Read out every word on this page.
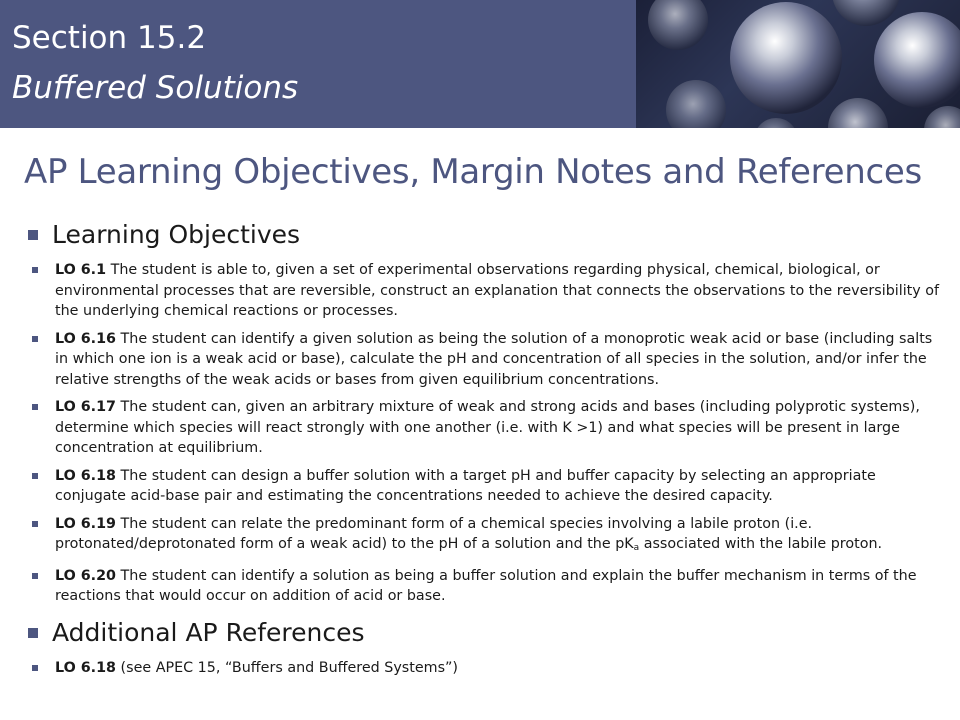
Section 15.2
Buffered Solutions
AP Learning Objectives, Margin Notes and References
Learning Objectives
LO 6.1 The student is able to, given a set of experimental observations regarding physical, chemical, biological, or environmental processes that are reversible, construct an explanation that connects the observations to the reversibility of the underlying chemical reactions or processes.
LO 6.16 The student can identify a given solution as being the solution of a monoprotic weak acid or base (including salts in which one ion is a weak acid or base), calculate the pH and concentration of all species in the solution, and/or infer the relative strengths of the weak acids or bases from given equilibrium concentrations.
LO 6.17 The student can, given an arbitrary mixture of weak and strong acids and bases (including polyprotic systems), determine which species will react strongly with one another (i.e. with K >1) and what species will be present in large concentration at equilibrium.
LO 6.18 The student can design a buffer solution with a target pH and buffer capacity by selecting an appropriate conjugate acid-base pair and estimating the concentrations needed to achieve the desired capacity.
LO 6.19 The student can relate the predominant form of a chemical species involving a labile proton (i.e. protonated/deprotonated form of a weak acid) to the pH of a solution and the $pK_a$ associated with the labile proton.
LO 6.20 The student can identify a solution as being a buffer solution and explain the buffer mechanism in terms of the reactions that would occur on addition of acid or base.
Additional AP References
LO 6.18 (see APEC 15, “Buffers and Buffered Systems”)
